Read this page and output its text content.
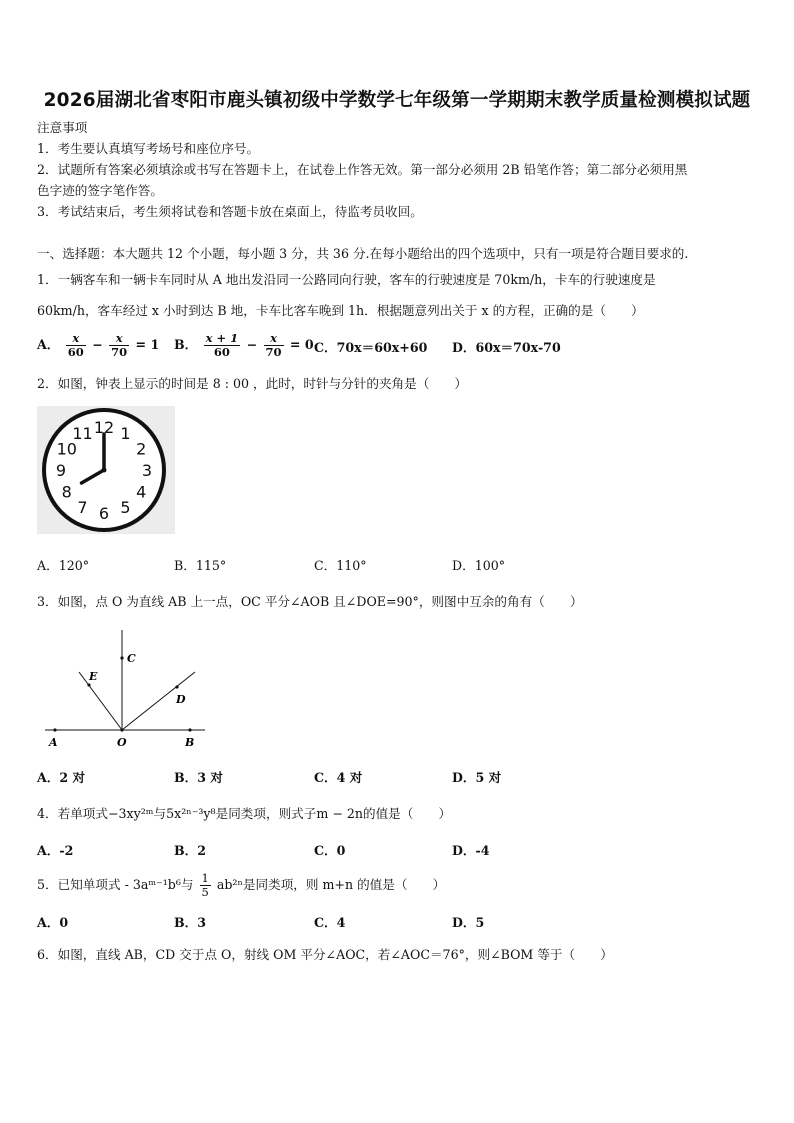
2026届湖北省枣阳市鹿头镇初级中学数学七年级第一学期期末教学质量检测模拟试题
注意事项
1．考生要认真填写考场号和座位序号。
2．试题所有答案必须填涂或书写在答题卡上，在试卷上作答无效。第一部分必须用 2B 铅笔作答；第二部分必须用黑
色字迹的签字笔作答。
3．考试结束后，考生须将试卷和答题卡放在桌面上，待监考员收回。
一、选择题：本大题共 12 个小题，每小题 3 分，共 36 分.在每小题给出的四个选项中，只有一项是符合题目要求的.
1．一辆客车和一辆卡车同时从 A 地出发沿同一公路同向行驶，客车的行驶速度是 70km/h，卡车的行驶速度是
60km/h，客车经过 x 小时到达 B 地，卡车比客车晚到 1h．根据题意列出关于 x 的方程，正确的是（　　）
A． $\frac{x}{60} - \frac{x}{70} = 1$ B． $\frac{x + 1}{60} - \frac{x}{70} = 0$ C．70x＝60x+60 D．60x＝70x-70
2．如图，钟表上显示的时间是 8 : 00 ，此时，时针与分针的夹角是（　　）
12 1
2
3
4
5
6
7
8
9
10
11
A．120°	B．115°	C．110°	D．100°
3．如图，点 O 为直线 AB 上一点，OC 平分∠AOB 且∠DOE=90°，则图中互余的角有（　　）
A	O	B
C
E
D
A．2 对	B．3 对	C．4 对	D．5 对
4．若单项式−3xy²ᵐ与5x²ⁿ⁻³y⁸是同类项，则式子m − 2n的值是（　　）
A．-2	B．2	C．0	D．-4
5．已知单项式 - 3aᵐ⁻¹b⁶与 $\frac{1}{5} ab^{2n}$是同类项，则 m+n 的值是（　　）
A．0	B．3	C．4	D．5
6．如图，直线 AB，CD 交于点 O，射线 OM 平分∠AOC，若∠AOC＝76°，则∠BOM 等于（　　）
